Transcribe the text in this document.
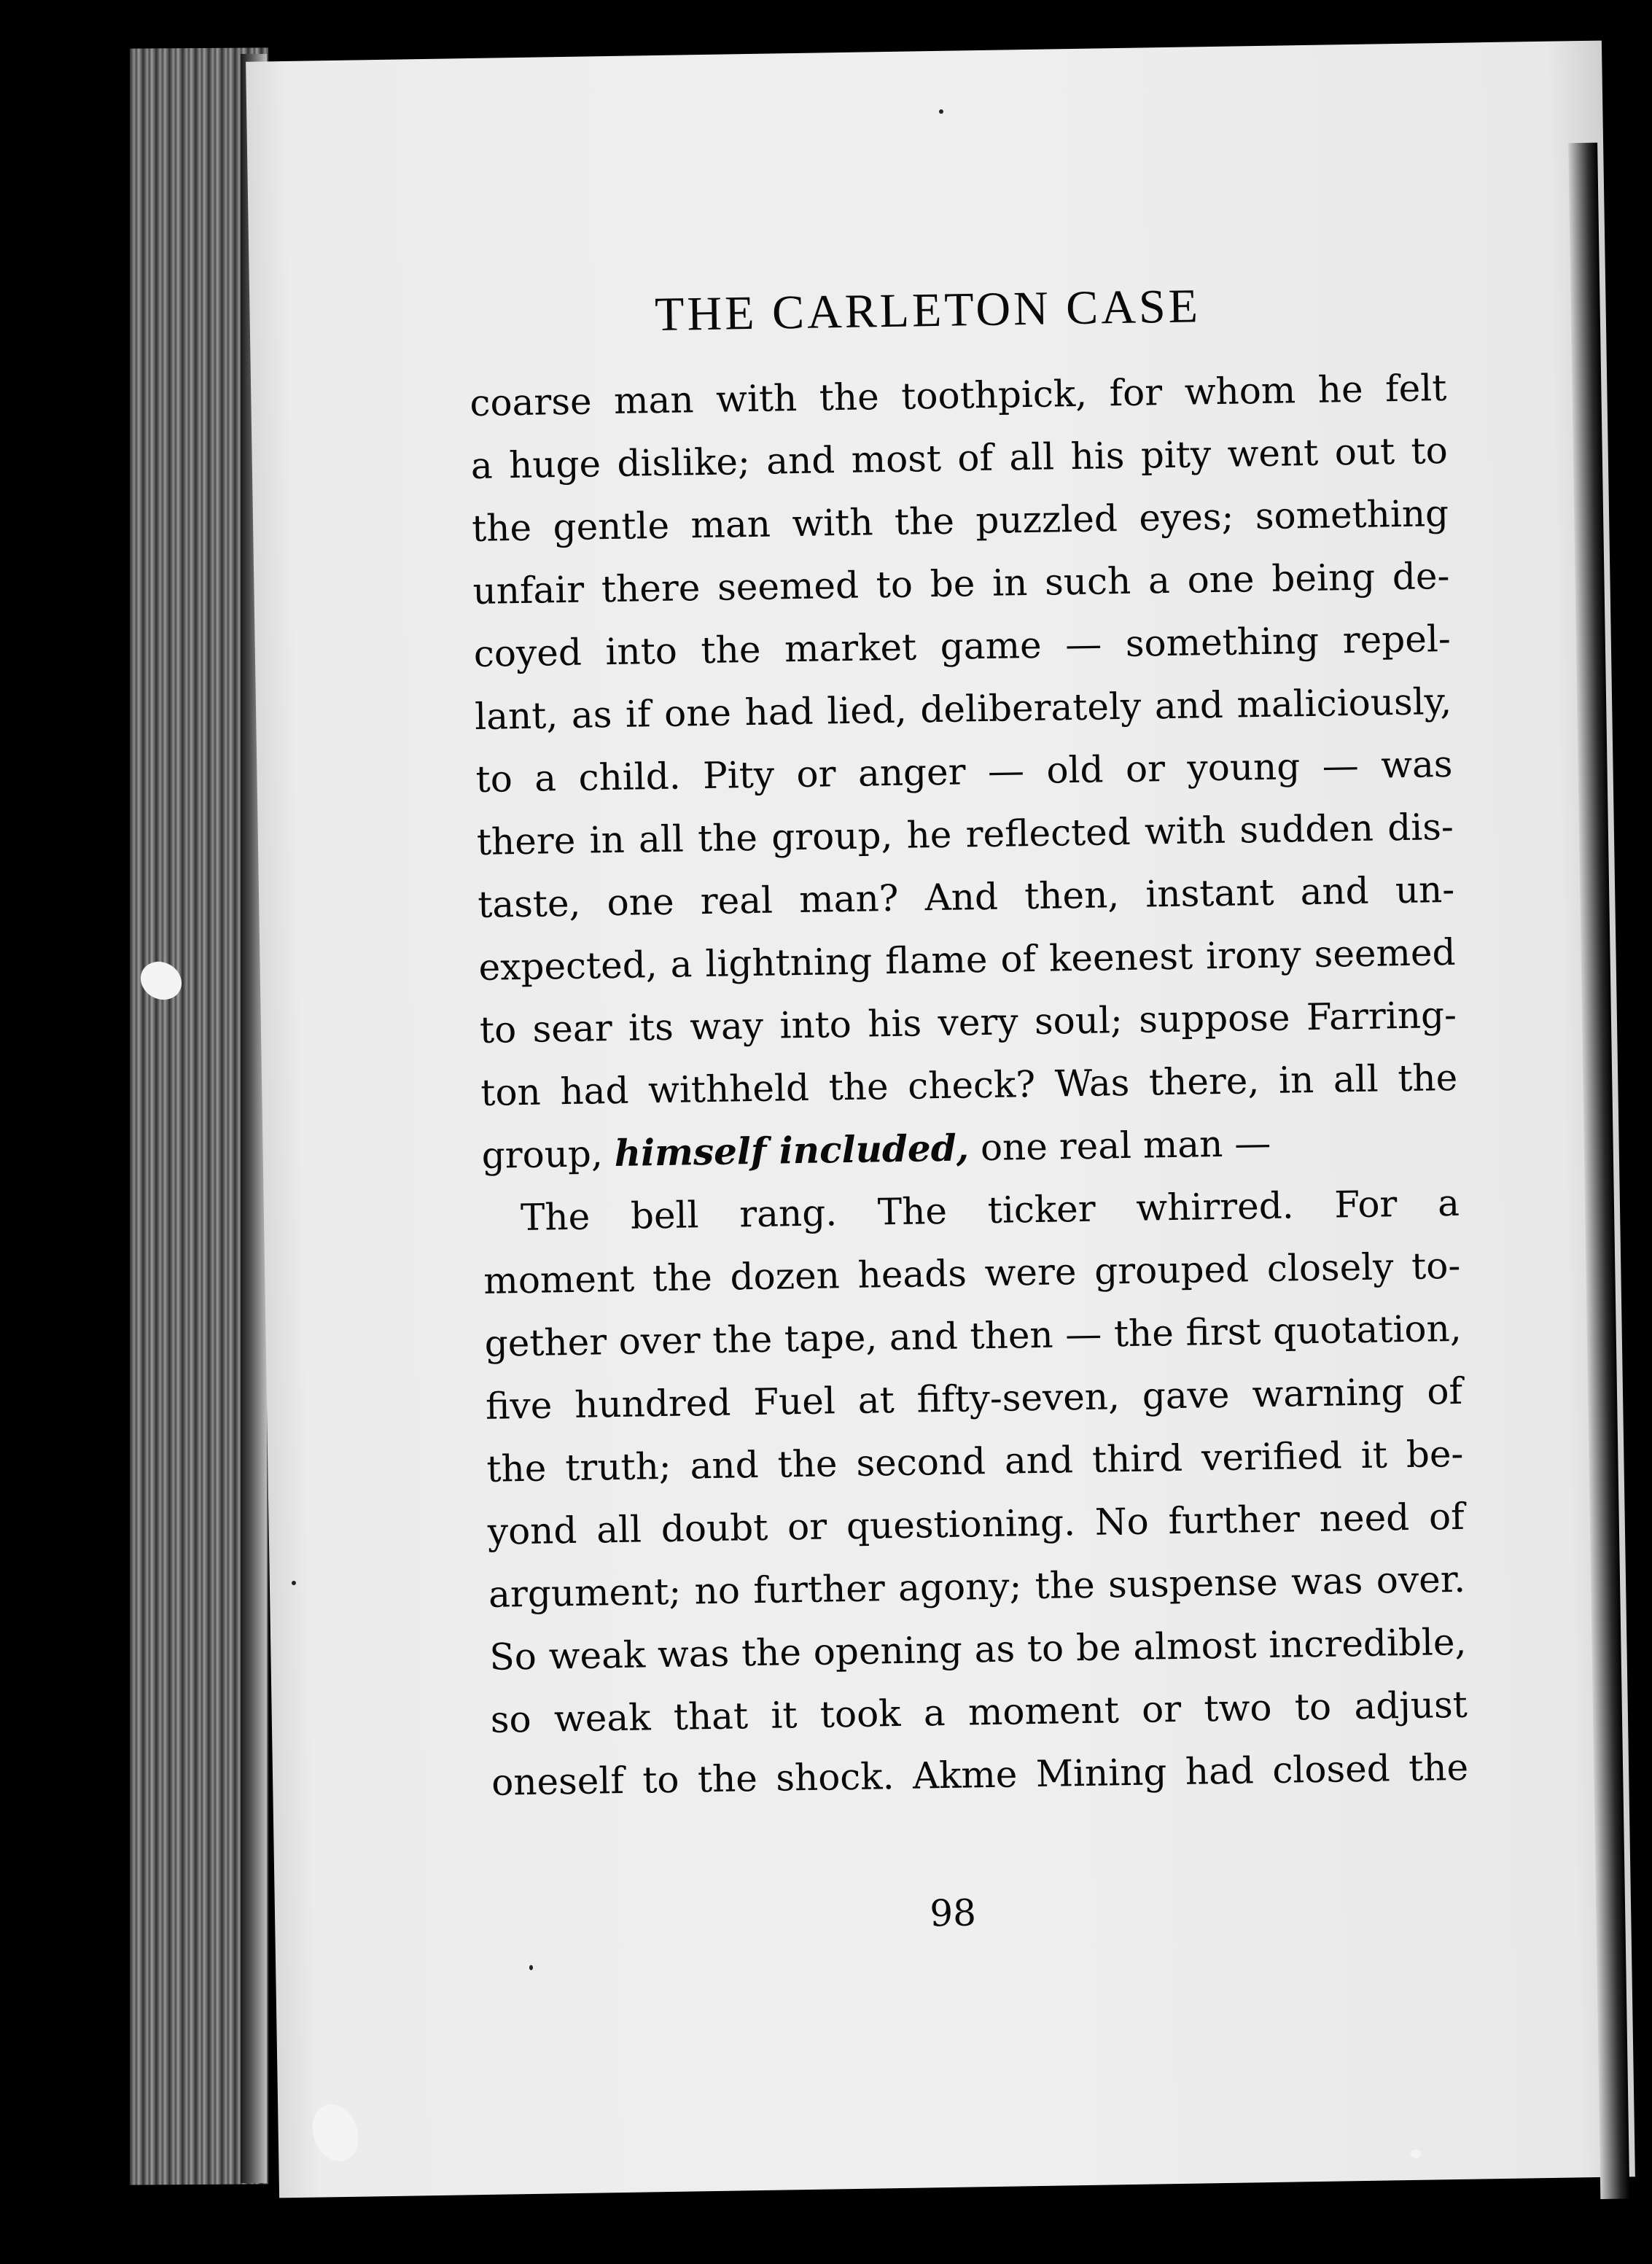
THE CARLETON CASE
coarse man with the toothpick, for whom he felt
a huge dislike; and most of all his pity went out to
the gentle man with the puzzled eyes; something
unfair there seemed to be in such a one being de-
coyed into the market game — something repel-
lant, as if one had lied, deliberately and maliciously,
to a child. Pity or anger — old or young — was
there in all the group, he reflected with sudden dis-
taste, one real man? And then, instant and un-
expected, a lightning flame of keenest irony seemed
to sear its way into his very soul; suppose Farring-
ton had withheld the check? Was there, in all the
group, himself included, one real man —
The bell rang. The ticker whirred. For a
moment the dozen heads were grouped closely to-
gether over the tape, and then — the first quotation,
five hundred Fuel at fifty-seven, gave warning of
the truth; and the second and third verified it be-
yond all doubt or questioning. No further need of
argument; no further agony; the suspense was over.
So weak was the opening as to be almost incredible,
so weak that it took a moment or two to adjust
oneself to the shock. Akme Mining had closed the
98
